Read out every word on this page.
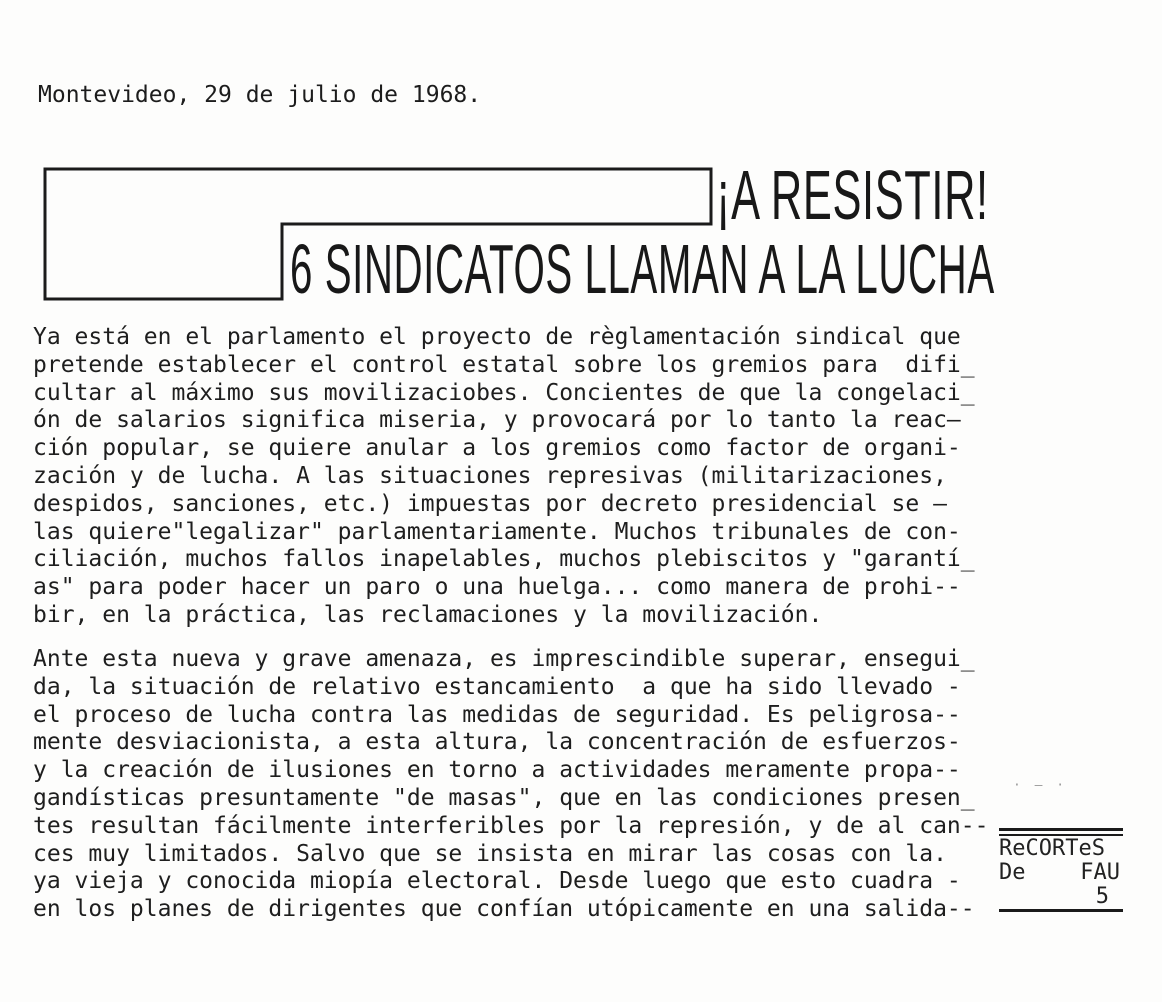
Montevideo, 29 de julio de 1968.
¡A RESISTIR!
6 SINDICATOS LLAMAN A LA LUCHA
Ya está en el parlamento el proyecto de règlamentación sindical que
pretende establecer el control estatal sobre los gremios para  difi̲
cultar al máximo sus movilizaciobes. Concientes de que la congelaci̲
ón de salarios significa miseria, y provocará por lo tanto la reac—
ción popular, se quiere anular a los gremios como factor de organi-
zación y de lucha. A las situaciones represivas (militarizaciones,
despidos, sanciones, etc.) impuestas por decreto presidencial se —
las quiere"legalizar" parlamentariamente. Muchos tribunales de con-
ciliación, muchos fallos inapelables, muchos plebiscitos y "garantí̲
as" para poder hacer un paro o una huelga... como manera de prohi--
bir, en la práctica, las reclamaciones y la movilización.
Ante esta nueva y grave amenaza, es imprescindible superar, ensegui̲
da, la situación de relativo estancamiento  a que ha sido llevado -
el proceso de lucha contra las medidas de seguridad. Es peligrosa--
mente desviacionista, a esta altura, la concentración de esfuerzos-
y la creación de ilusiones en torno a actividades meramente propa--
gandísticas presuntamente "de masas", que en las condiciones presen̲
tes resultan fácilmente interferibles por la represión, y de al can--
ces muy limitados. Salvo que se insista en mirar las cosas con la.
ya vieja y conocida miopía electoral. Desde luego que esto cuadra -
en los planes de dirigentes que confían utópicamente en una salida--
· – ·
ReCORTeS
De FAU
5
